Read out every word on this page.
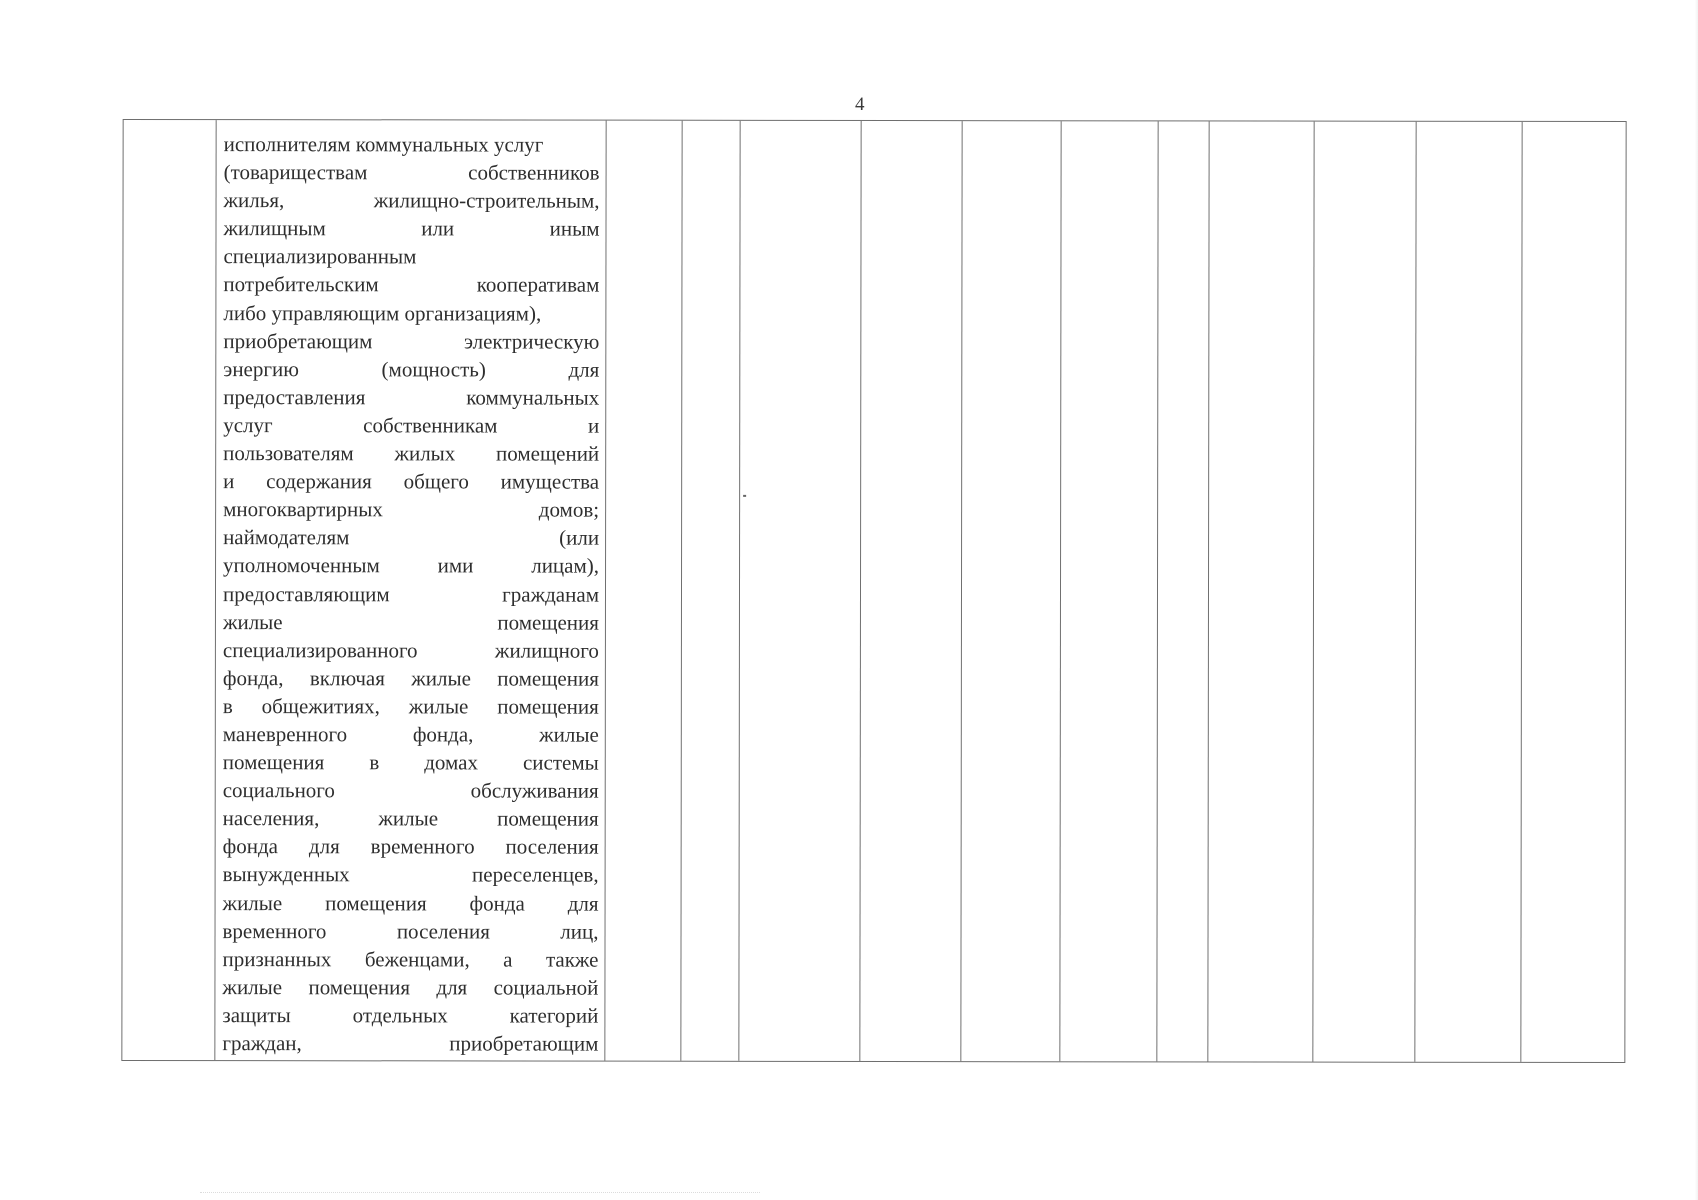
4
исполнителям коммунальных услуг
(товариществам собственников
жилья, жилищно-строительным,
жилищным или иным
специализированным
потребительским кооперативам
либо управляющим организациям),
приобретающим электрическую
энергию (мощность) для
предоставления коммунальных
услуг собственникам и
пользователям жилых помещений
и содержания общего имущества
многоквартирных домов;
наймодателям (или
уполномоченным ими лицам),
предоставляющим гражданам
жилые помещения
специализированного жилищного
фонда, включая жилые помещения
в общежитиях, жилые помещения
маневренного фонда, жилые
помещения в домах системы
социального обслуживания
населения, жилые помещения
фонда для временного поселения
вынужденных переселенцев,
жилые помещения фонда для
временного поселения лиц,
признанных беженцами, а также
жилые помещения для социальной
защиты отдельных категорий
граждан, приобретающим
